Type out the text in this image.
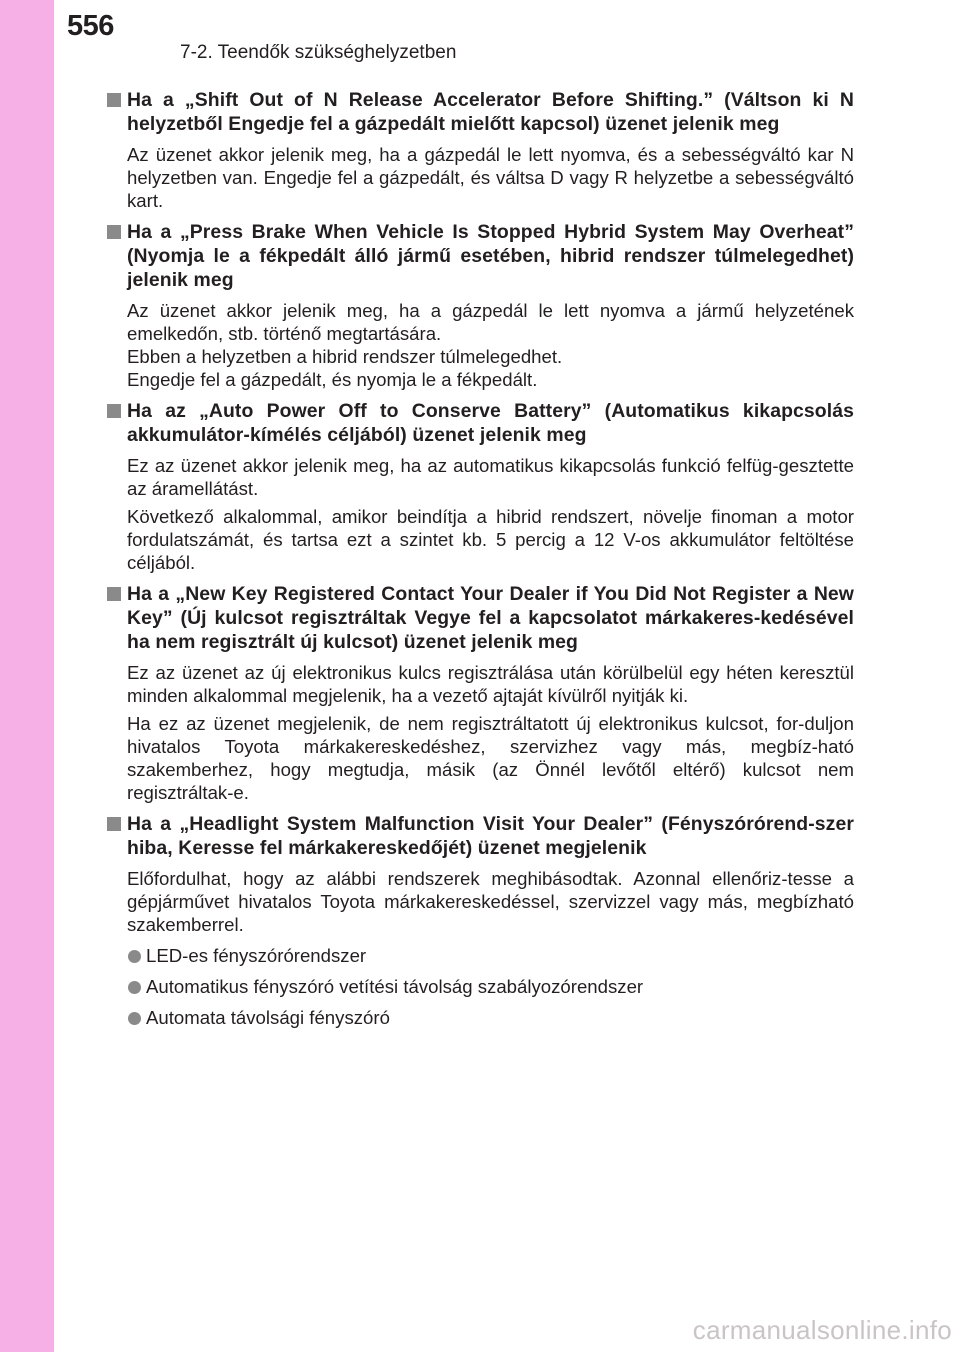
556
7-2. Teendők szükséghelyzetben
Ha a „Shift Out of N Release Accelerator Before Shifting.” (Váltson ki N helyzetből Engedje fel a gázpedált mielőtt kapcsol) üzenet jelenik meg
Az üzenet akkor jelenik meg, ha a gázpedál le lett nyomva, és a sebességváltó kar N helyzetben van. Engedje fel a gázpedált, és váltsa D vagy R helyzetbe a sebességváltó kart.
Ha a „Press Brake When Vehicle Is Stopped Hybrid System May Overheat” (Nyomja le a fékpedált álló jármű esetében, hibrid rendszer túlmelegedhet) jelenik meg
Az üzenet akkor jelenik meg, ha a gázpedál le lett nyomva a jármű helyzetének emelkedőn, stb. történő megtartására.
Ebben a helyzetben a hibrid rendszer túlmelegedhet.
Engedje fel a gázpedált, és nyomja le a fékpedált.
Ha az „Auto Power Off to Conserve Battery” (Automatikus kikapcsolás akkumulátor-kímélés céljából) üzenet jelenik meg
Ez az üzenet akkor jelenik meg, ha az automatikus kikapcsolás funkció felfüg-gesztette az áramellátást.
Következő alkalommal, amikor beindítja a hibrid rendszert, növelje finoman a motor fordulatszámát, és tartsa ezt a szintet kb. 5 percig a 12 V-os akkumulátor feltöltése céljából.
Ha a „New Key Registered Contact Your Dealer if You Did Not Register a New Key” (Új kulcsot regisztráltak Vegye fel a kapcsolatot márkakeres-kedésével ha nem regisztrált új kulcsot) üzenet jelenik meg
Ez az üzenet az új elektronikus kulcs regisztrálása után körülbelül egy héten keresztül minden alkalommal megjelenik, ha a vezető ajtaját kívülről nyitják ki.
Ha ez az üzenet megjelenik, de nem regisztráltatott új elektronikus kulcsot, for-duljon hivatalos Toyota márkakereskedéshez, szervizhez vagy más, megbíz-ható szakemberhez, hogy megtudja, másik (az Önnél levőtől eltérő) kulcsot nem regisztráltak-e.
Ha a „Headlight System Malfunction Visit Your Dealer” (Fényszórórend-szer hiba, Keresse fel márkakereskedőjét) üzenet megjelenik
Előfordulhat, hogy az alábbi rendszerek meghibásodtak. Azonnal ellenőriz-tesse a gépjárművet hivatalos Toyota márkakereskedéssel, szervizzel vagy más, megbízható szakemberrel.
LED-es fényszórórendszer
Automatikus fényszóró vetítési távolság szabályozórendszer
Automata távolsági fényszóró
carmanualsonline.info
